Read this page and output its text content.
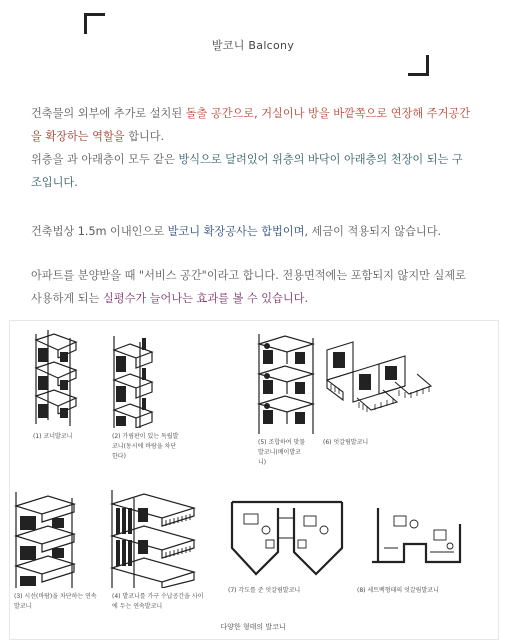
발코니 Balcony
건축물의 외부에 추가로 설치된 돌출 공간으로, 거실이나 방을 바깥쪽으로 연장해 주거공간
을 확장하는 역할을 합니다.
위층을 과 아래층이 모두 같은 방식으로 달려있어 위층의 바닥이 아래층의 천장이 되는 구
조입니다.
건축법상 1.5m 이내인으로 발코니 확장공사는 합법이며, 세금이 적용되지 않습니다.
아파트를 분양받을 때 "서비스 공간"이라고 합니다. 전용면적에는 포함되지 않지만 실제로
사용하게 되는 실평수가 늘어나는 효과를 볼 수 있습니다.
(1) 코너발코니	(2) 가림판이 있는 독립발
코니(동시에 바람을 차단
한다)
(5) 조합하여 맞물
발코니(베이발코
니)
(6) 엇갈림발코니
(3) 시선(바람)을 차단하는 연속
발코니
(4) 발코니를 가구 수납공간을 사이
에 두는 연속발코니
(7) 각도를 준 엇갈림발코니	(8) 세트백형태의 엇갈림발코니
다양한 형태의 발코니
